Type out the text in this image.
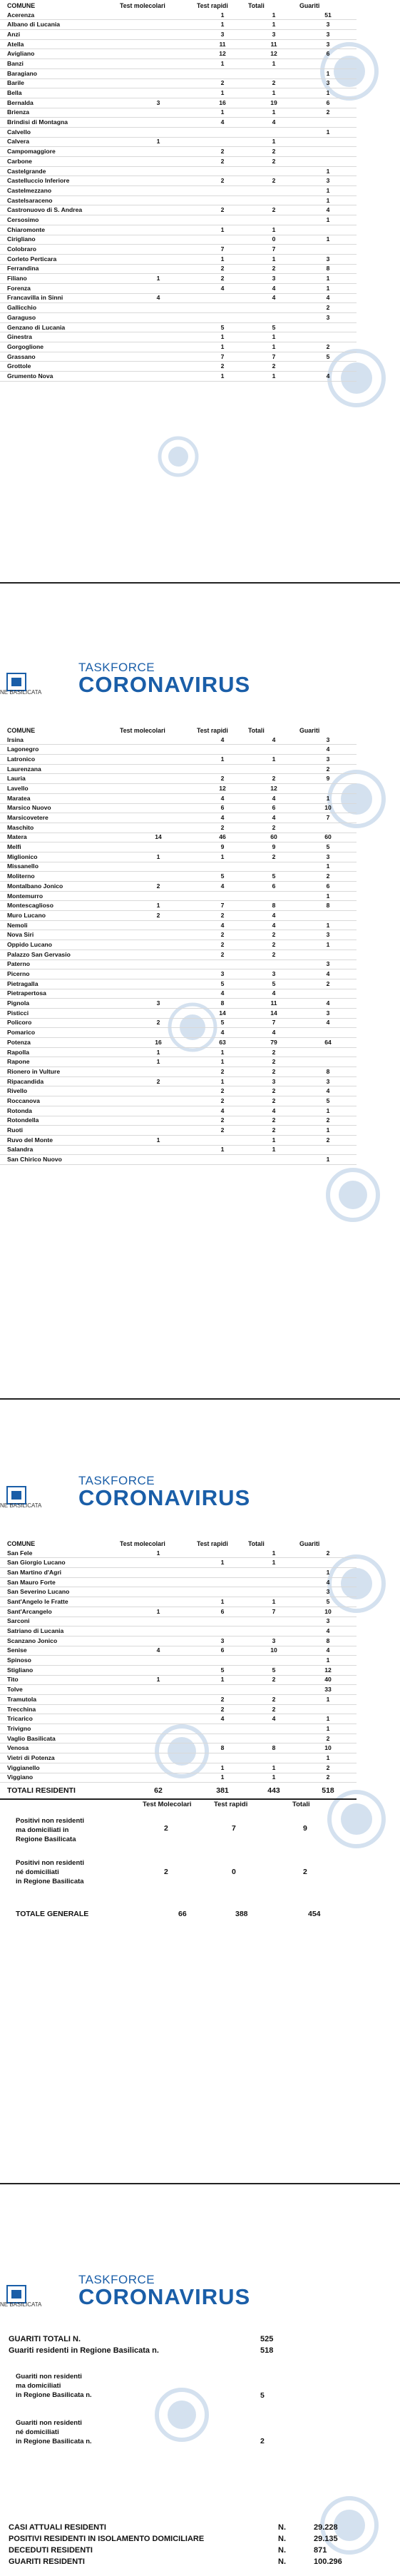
COMUNE	Test molecolari	Test rapidi	Totali	Guariti
Acerenza		1	1	51
Albano di Lucania		1	1	3
Anzi		3	3	3
Atella		11	11	3
Avigliano		12	12	6
Banzi		1	1	
Baragiano				1
Barile		2	2	3
Bella		1	1	1
Bernalda	3	16	19	6
Brienza		1	1	2
Brindisi di Montagna		4	4	
Calvello				1
Calvera	1		1	
Campomaggiore		2	2	
Carbone		2	2	
Castelgrande				1
Castelluccio Inferiore		2	2	3
Castelmezzano				1
Castelsaraceno				1
Castronuovo di S. Andrea		2	2	4
Cersosimo				1
Chiaromonte		1	1	
Cirigliano			0	1
Colobraro		7	7	
Corleto Perticara		1	1	3
Ferrandina		2	2	8
Filiano	1	2	3	1
Forenza		4	4	1
Francavilla in Sinni	4		4	4
Gallicchio				2
Garaguso				3
Genzano di Lucania		5	5	
Ginestra		1	1	
Gorgoglione		1	1	2
Grassano		7	7	5
Grottole		2	2	
Grumento Nova		1	1	4
NE BASILICATA
TASKFORCE
CORONAVIRUS
COMUNE	Test molecolari	Test rapidi	Totali	Guariti
Irsina		4	4	3
Lagonegro				4
Latronico		1	1	3
Laurenzana				2
Lauria		2	2	9
Lavello		12	12	
Maratea		4	4	1
Marsico Nuovo		6	6	10
Marsicovetere		4	4	7
Maschito		2	2	
Matera	14	46	60	60
Melfi		9	9	5
Miglionico	1	1	2	3
Missanello				1
Moliterno		5	5	2
Montalbano Jonico	2	4	6	6
Montemurro				1
Montescaglioso	1	7	8	8
Muro Lucano	2	2	4	
Nemoli		4	4	1
Nova Siri		2	2	3
Oppido Lucano		2	2	1
Palazzo San Gervasio		2	2	
Paterno				3
Picerno		3	3	4
Pietragalla		5	5	2
Pietrapertosa		4	4	
Pignola	3	8	11	4
Pisticci		14	14	3
Policoro	2	5	7	4
Pomarico		4	4	
Potenza	16	63	79	64
Rapolla	1	1	2	
Rapone	1	1	2	
Rionero in Vulture		2	2	8
Ripacandida	2	1	3	3
Rivello		2	2	4
Roccanova		2	2	5
Rotonda		4	4	1
Rotondella		2	2	2
Ruoti		2	2	1
Ruvo del Monte	1		1	2
Salandra		1	1	
San Chirico Nuovo				1
NE BASILICATA
TASKFORCE
CORONAVIRUS
COMUNE	Test molecolari	Test rapidi	Totali	Guariti
San Fele	1		1	2
San Giorgio Lucano		1	1	
San Martino d'Agri				1
San Mauro Forte				4
San Severino Lucano				3
Sant'Angelo le Fratte		1	1	5
Sant'Arcangelo	1	6	7	10
Sarconi				3
Satriano di Lucania				4
Scanzano Jonico		3	3	8
Senise	4	6	10	4
Spinoso				1
Stigliano		5	5	12
Tito	1	1	2	40
Tolve				33
Tramutola		2	2	1
Trecchina		2	2	
Tricarico		4	4	1
Trivigno				1
Vaglio Basilicata				2
Venosa		8	8	10
Vietri di Potenza				1
Viggianello		1	1	2
Viggiano		1	1	2
TOTALI RESIDENTI	62	381	443	518
Test Molecolari	Test rapidi	Totali
Positivi non residenti
ma domiciliati in
Regione Basilicata
2	7	9
Positivi non residenti
né domiciliati
in Regione Basilicata
2	0	2
TOTALE GENERALE	66	388	454
NE BASILICATA
TASKFORCE
CORONAVIRUS
GUARITI TOTALI N.	525
Guariti residenti in Regione Basilicata n.	518
Guariti non residenti
ma domiciliati
in Regione Basilicata n.	5
Guariti non residenti
né domiciliati
in Regione Basilicata n.	2
CASI ATTUALI RESIDENTI	N.	29.228
POSITIVI RESIDENTI IN ISOLAMENTO DOMICILIARE	N.	29.135
DECEDUTI RESIDENTI	N.	871
GUARITI RESIDENTI	N.	100.296
